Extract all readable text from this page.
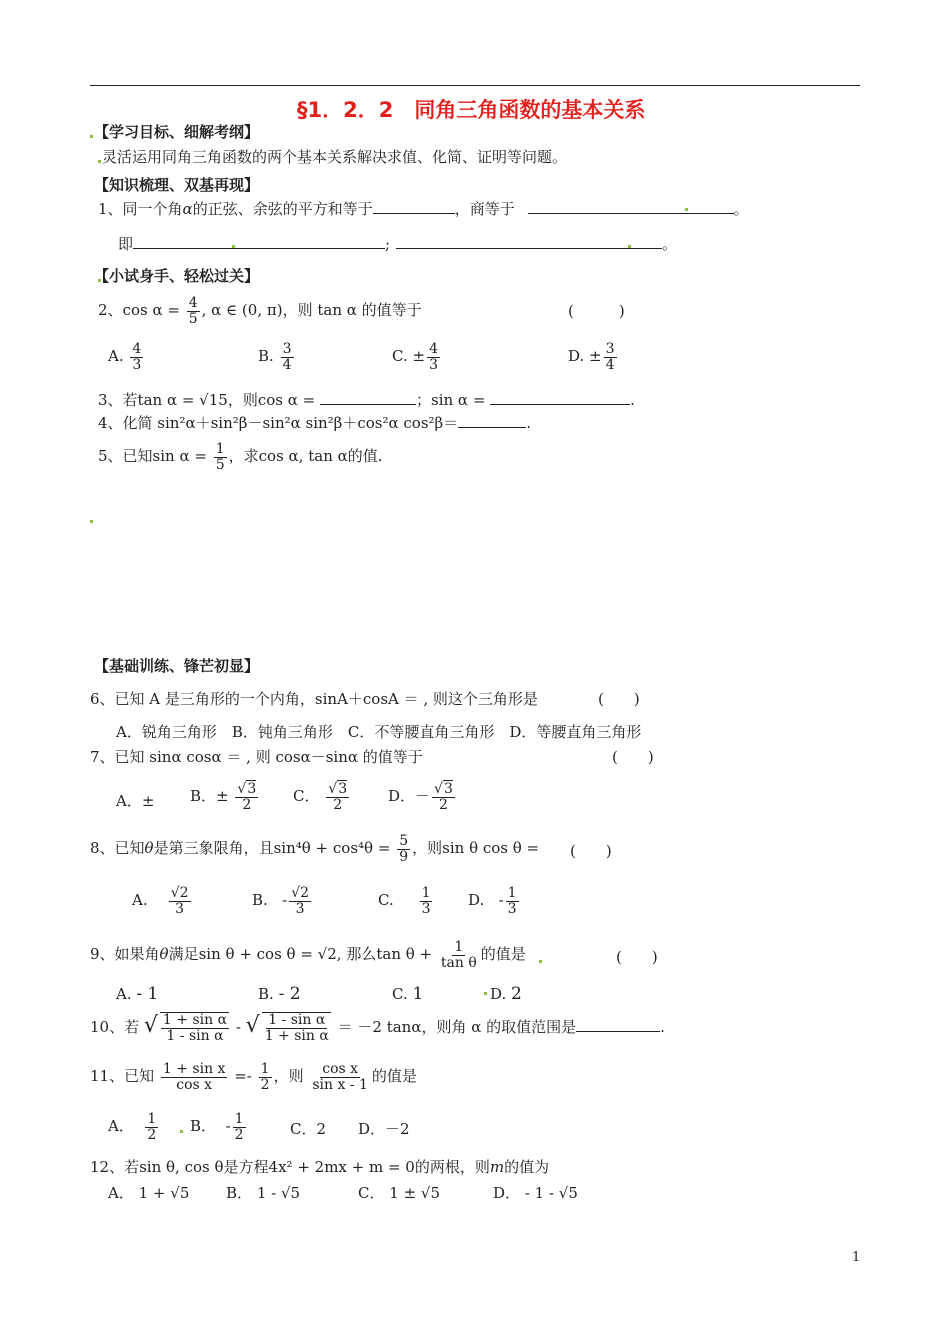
§1．2．2　同角三角函数的基本关系
【学习目标、细解考纲】
灵活运用同角三角函数的两个基本关系解决求值、化简、证明等问题。
【知识梳理、双基再现】
1、同一个角α的正弦、余弦的平方和等于	，商等于	。
即	;	。
【小试身手、轻松过关】
2、$\cos \alpha = \frac{4}{5}$ , α ∈ (0, π)，则 tan α 的值等于	(　　　)
A. $\frac{4}{3}$	B. $\frac{3}{4}$	C. ± $\frac{4}{3}$	D. ± $\frac{3}{4}$
3、若tan α = √15，则cos α =	；sin α =	.
4、化简 sin²α＋sin²β－sin²α sin²β＋cos²α cos²β＝	.
5、已知$\sin \alpha = \frac{1}{5}$ ，求cos α, tan α的值.
【基础训练、锋芒初显】
6、已知 A 是三角形的一个内角，sinA＋cosA ＝ , 则这个三角形是	(　　)
A．锐角三角形　B．钝角三角形　C．不等腰直角三角形　D．等腰直角三角形
7、已知 sinα cosα ＝ , 则 cosα－sinα 的值等于	(　　)
A．± B．± $\frac{√3}{2}$ C． $\frac{√3}{2}$	D．－ $\frac{√3}{2}$
8、已知θ是第三象限角，且$\sin^4\theta + \cos^4\theta = \frac{5}{9}$ ，则sin θ cos θ = (　　)
A. $\frac{√2}{3}$	B. - $\frac{√2}{3}$	C. $\frac{1}{3} D$. - $\frac{1}{3}$
9、如果角θ满足sin θ + cos θ = √2, 那么$\tan \theta + \frac{1}{\text{tan θ}}$ 的值是	(　　)
A. - 1	B. - 2	C. 1	D. 2
10、若 √ $\frac{\text{1 + sin α}}{\text{1 - sin α}}$ - √ $\frac{\text{1 - sin α}}{\text{1 + sin α}} = -2$ tanα，则角 α 的取值范围是	.
11、已知 $\frac{\text{1 + sin x}}{\text{cos x}} =- \frac{1}{2}$ ，则 $\frac{\text{cos x}}{\text{sin x - 1}}$ 的值是
A． $\frac{1}{2}$ B． - $\frac{1}{2}$	C．2 D．－2
12、若sin θ, cos θ是方程4x² + 2mx + m = 0的两根，则m的值为
A． 1 + √5 B． 1 - √5	C． 1 ± √5	D． - 1 - √5
1
